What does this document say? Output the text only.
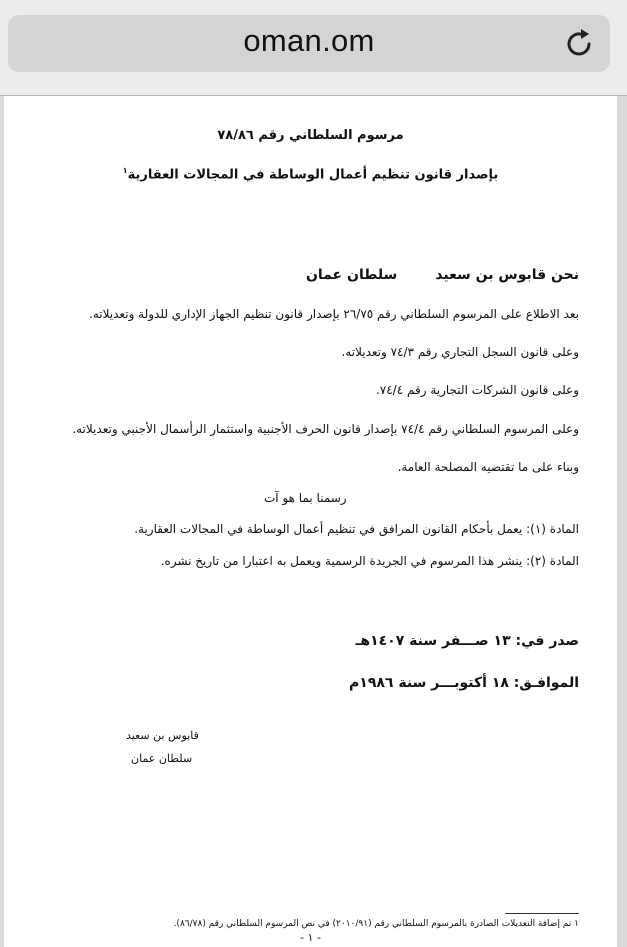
oman.om
مرسوم السلطاني رقم ٧٨/٨٦
بإصدار قانون تنظيم أعمال الوساطة في المجالات العقارية$^١$
نحن قابوس بن سعيدسلطان عمان
بعد الاطلاع على المرسوم السلطاني رقم ٢٦/٧٥ بإصدار قانون تنظيم الجهاز الإداري للدولة وتعديلاته.
وعلى قانون السجل التجاري رقم ٧٤/٣ وتعديلاته.
وعلى قانون الشركات التجارية رقم ٧٤/٤.
وعلى المرسوم السلطاني رقم ٧٤/٤ بإصدار قانون الحرف الأجنبية واستثمار الرأسمال الأجنبي وتعديلاته.
وبناء على ما تقتضيه المصلحة العامة.
رسمنا بما هو آت
المادة (١): يعمل بأحكام القانون المرافق في تنظيم أعمال الوساطة في المجالات العقارية.
المادة (٢): ينشر هذا المرسوم في الجريدة الرسمية ويعمل به اعتبارا من تاريخ نشره.
صدر في: ١٣ صـــفر سنة ١٤٠٧هـ
الموافـق: ١٨ أكتوبـــر سنة ١٩٨٦م
قابوس بن سعيد
سلطان عمان
١ تم إضافة التعديلات الصادرة بالمرسوم السلطاني رقم (٢٠١٠/٩١) في نص المرسوم السلطاني رقم (٨٦/٧٨).
- ١ -
